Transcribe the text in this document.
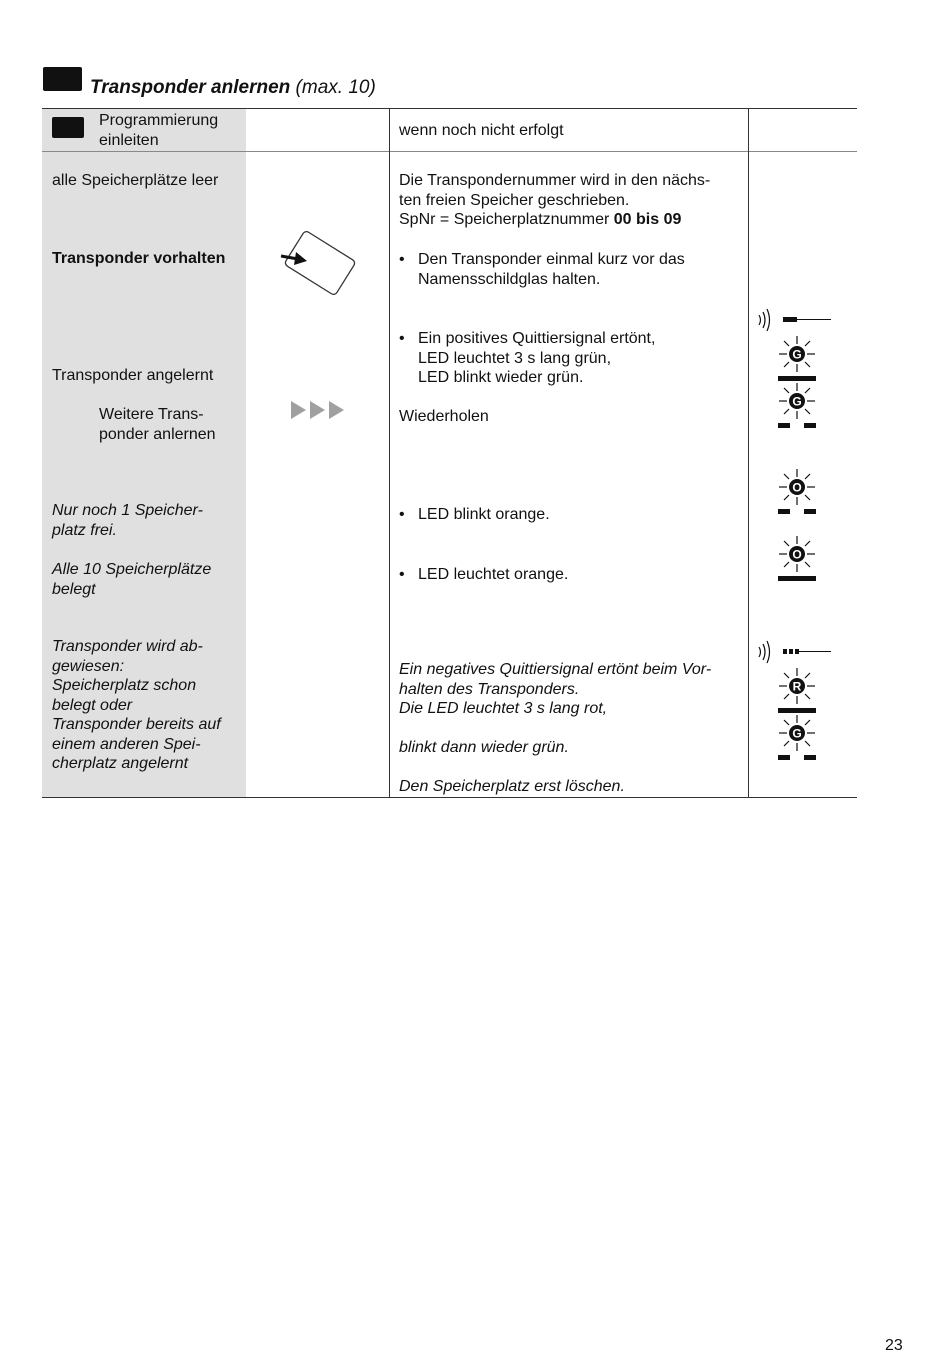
Transponder anlernen (max. 10)
Programmierung
einleiten
wenn noch nicht erfolgt
alle Speicherplätze leer	Die Transpondernummer wird in den nächs-
ten freien Speicher geschrieben.
SpNr = Speicherplatznummer 00 bis 09
Transponder vorhalten	• Den Transponder einmal kurz vor das
Namensschildglas halten.
Transponder angelernt
• Ein positives Quittiersignal ertönt,
LED leuchtet 3 s lang grün,
LED blinkt wieder grün.
G
G
Weitere Trans-
ponder anlernen
Wiederholen
Nur noch 1 Speicher-
platz frei.
• LED blinkt orange.
O
Alle 10 Speicherplätze
belegt
• LED leuchtet orange.
O
Transponder wird ab-
gewiesen:
Speicherplatz schon
belegt oder
Transponder bereits auf
einem anderen Spei-
cherplatz angelernt
Ein negatives Quittiersignal ertönt beim Vor-
halten des Transponders.
Die LED leuchtet 3 s lang rot,
blinkt dann wieder grün.
Den Speicherplatz erst löschen.
R
G
23
